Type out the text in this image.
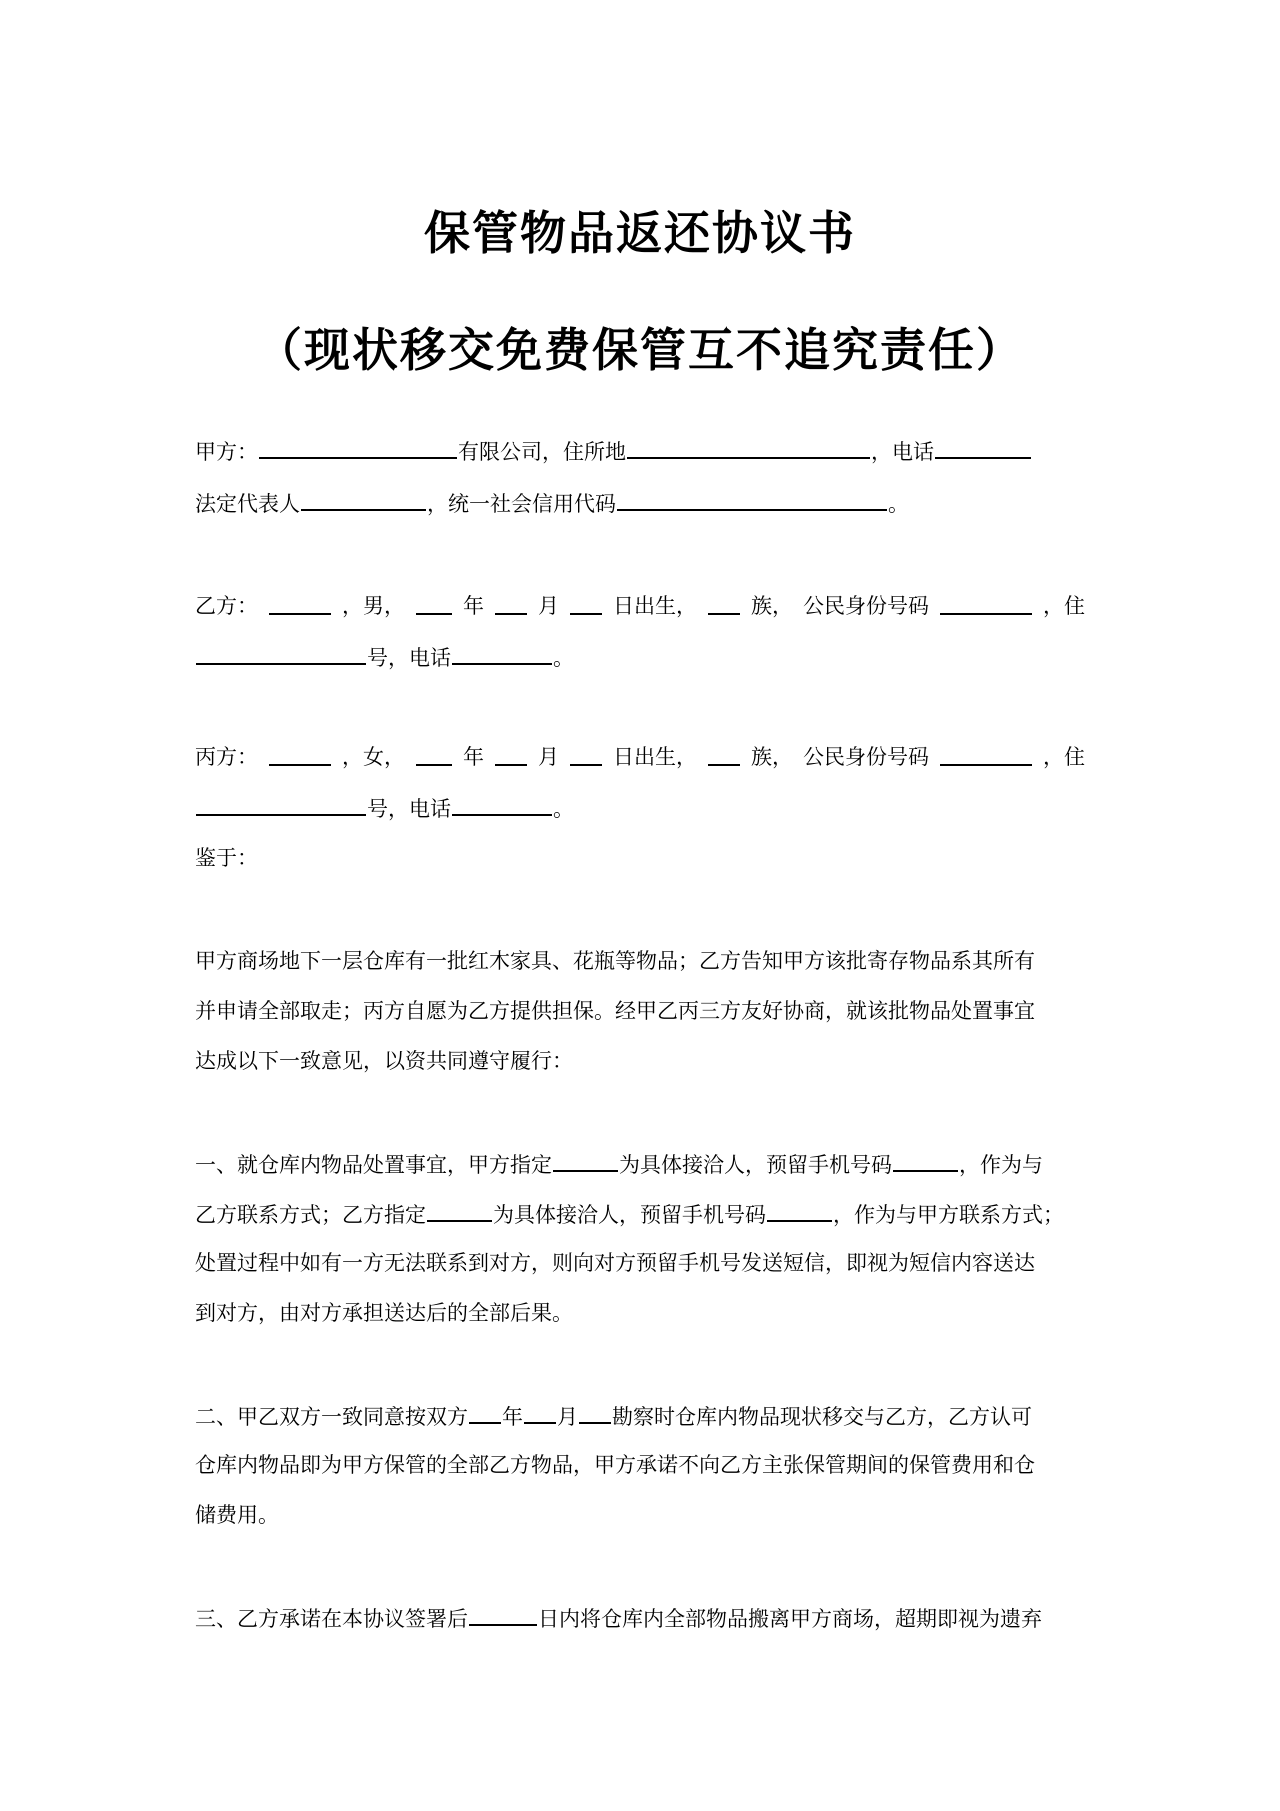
保管物品返还协议书
（现状移交免费保管互不追究责任）
甲方：	有限公司，住所地	，电话
法定代表人	，统一社会信用代码	。
乙方：	，男，	年	月	日出生，	族， 公民身份号码	，住
号，电话	。
丙方：	，女，	年	月	日出生，	族， 公民身份号码	，住
号，电话	。
鉴于：
甲方商场地下一层仓库有一批红木家具、花瓶等物品；乙方告知甲方该批寄存物品系其所有
并申请全部取走；丙方自愿为乙方提供担保。经甲乙丙三方友好协商，就该批物品处置事宜
达成以下一致意见，以资共同遵守履行：
一、就仓库内物品处置事宜，甲方指定	为具体接洽人，预留手机号码	，作为与
乙方联系方式；乙方指定	为具体接洽人，预留手机号码	，作为与甲方联系方式；
处置过程中如有一方无法联系到对方，则向对方预留手机号发送短信，即视为短信内容送达
到对方，由对方承担送达后的全部后果。
二、甲乙双方一致同意按双方 年 月 勘察时仓库内物品现状移交与乙方，乙方认可
仓库内物品即为甲方保管的全部乙方物品，甲方承诺不向乙方主张保管期间的保管费用和仓
储费用。
三、乙方承诺在本协议签署后	日内将仓库内全部物品搬离甲方商场，超期即视为遗弃
